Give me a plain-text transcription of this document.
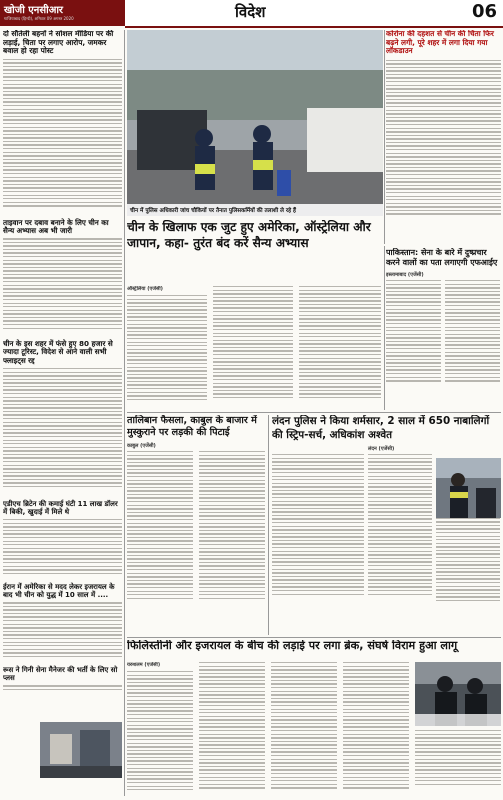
खोजी एनसीआर
गाजियाबाद (हिन्दी), शनिवार 09 अगस्त 2020	विदेश	06
दो सौतेली बहनों ने सोशल मीडिया पर की लड़ाई, चिता पर लगाए आरोप, जमकर बवाल हो रहा पोस्ट
ताइवान पर दबाव बनाने के लिए चीन का सैन्य अभ्यास अब भी जारी
चीन के इस शहर में फंसे हुए 80 हजार से ज्यादा टूरिस्ट, विदेश से आने वाली सभी फ्लाइट्स रद्द
एडीएच ब्रिटेन की कमाई घंटी 11 लाख डॉलर में बिकी, खुदाई में मिले थे
ईरान में अमेरिका से मदद लेकर इजरायल के बाद भी चीन को युद्ध में 10 साल में ....
रूस ने गिनी सेना मैनेजर की भर्ती के लिए सो प्लस
चीन में पुलिस अधिकारी जांच चौकियों पर तैनात पुलिसकर्मियों की तलाशी ले रहे हैं
कोरोना की दहशत से चीन की चिंता फिर बढ़ने लगी, पूरे शहर में लगा दिया गया लॉकडाउन
चीन के खिलाफ एक जुट हुए अमेरिका, ऑस्ट्रेलिया और जापान, कहा- तुरंत बंद करें सैन्य अभ्यास
ऑस्ट्रेलिया (एजेंसी)
पाकिस्तान: सेना के बारे में दुष्प्रचार करने वालों का पता लगाएगी एफआईए
इस्लामाबाद (एजेंसी)
तालिबान फैसला, काबुल के बाजार में मुस्कुराने पर लड़की की पिटाई
काबुल (एजेंसी)
लंदन पुलिस ने किया शर्मसार, 2 साल में 650 नाबालिगों की स्ट्रिप-सर्च, अधिकांश अश्वेत
लंदन (एजेंसी)
फिलिस्तीनी और इजरायल के बीच की लड़ाई पर लगा ब्रेक, संघर्ष विराम हुआ लागू
यरुशलम (एजेंसी)
